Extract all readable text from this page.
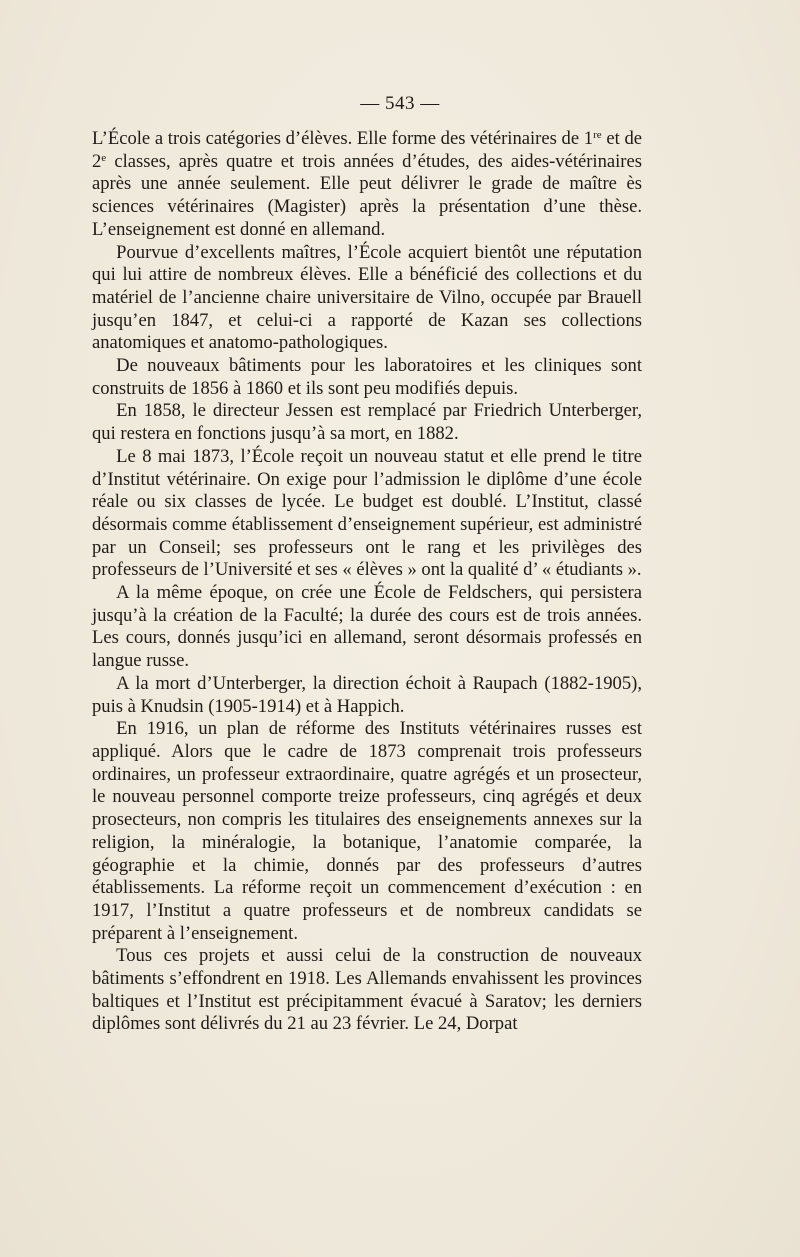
— 543 —

L’École a trois catégories d’élèves. Elle forme des vétérinaires de 1re et de 2e classes, après quatre et trois années d’études, des aides-vétérinaires après une année seulement. Elle peut délivrer le grade de maître ès sciences vétérinaires (Magister) après la présentation d’une thèse. L’enseignement est donné en allemand.

Pourvue d’excellents maîtres, l’École acquiert bientôt une réputation qui lui attire de nombreux élèves. Elle a bénéficié des collections et du matériel de l’ancienne chaire universitaire de Vilno, occupée par Brauell jusqu’en 1847, et celui-ci a rapporté de Kazan ses collections anatomiques et anatomo-pathologiques.

De nouveaux bâtiments pour les laboratoires et les cliniques sont construits de 1856 à 1860 et ils sont peu modifiés depuis.

En 1858, le directeur Jessen est remplacé par Friedrich Unterberger, qui restera en fonctions jusqu’à sa mort, en 1882.

Le 8 mai 1873, l’École reçoit un nouveau statut et elle prend le titre d’Institut vétérinaire. On exige pour l’admission le diplôme d’une école réale ou six classes de lycée. Le budget est doublé. L’Institut, classé désormais comme établissement d’enseignement supérieur, est administré par un Conseil; ses professeurs ont le rang et les privilèges des professeurs de l’Université et ses « élèves » ont la qualité d’ « étudiants ».

A la même époque, on crée une École de Feldschers, qui persistera jusqu’à la création de la Faculté; la durée des cours est de trois années. Les cours, donnés jusqu’ici en allemand, seront désormais professés en langue russe.

A la mort d’Unterberger, la direction échoit à Raupach (1882-1905), puis à Knudsin (1905-1914) et à Happich.

En 1916, un plan de réforme des Instituts vétérinaires russes est appliqué. Alors que le cadre de 1873 comprenait trois professeurs ordinaires, un professeur extraordinaire, quatre agrégés et un prosecteur, le nouveau personnel comporte treize professeurs, cinq agrégés et deux prosecteurs, non compris les titulaires des enseignements annexes sur la religion, la minéralogie, la botanique, l’anatomie comparée, la géographie et la chimie, donnés par des professeurs d’autres établissements. La réforme reçoit un commencement d’exécution : en 1917, l’Institut a quatre professeurs et de nombreux candidats se préparent à l’enseignement.

Tous ces projets et aussi celui de la construction de nouveaux bâtiments s’effondrent en 1918. Les Allemands envahissent les provinces baltiques et l’Institut est précipitamment évacué à Saratov; les derniers diplômes sont délivrés du 21 au 23 février. Le 24, Dorpat
